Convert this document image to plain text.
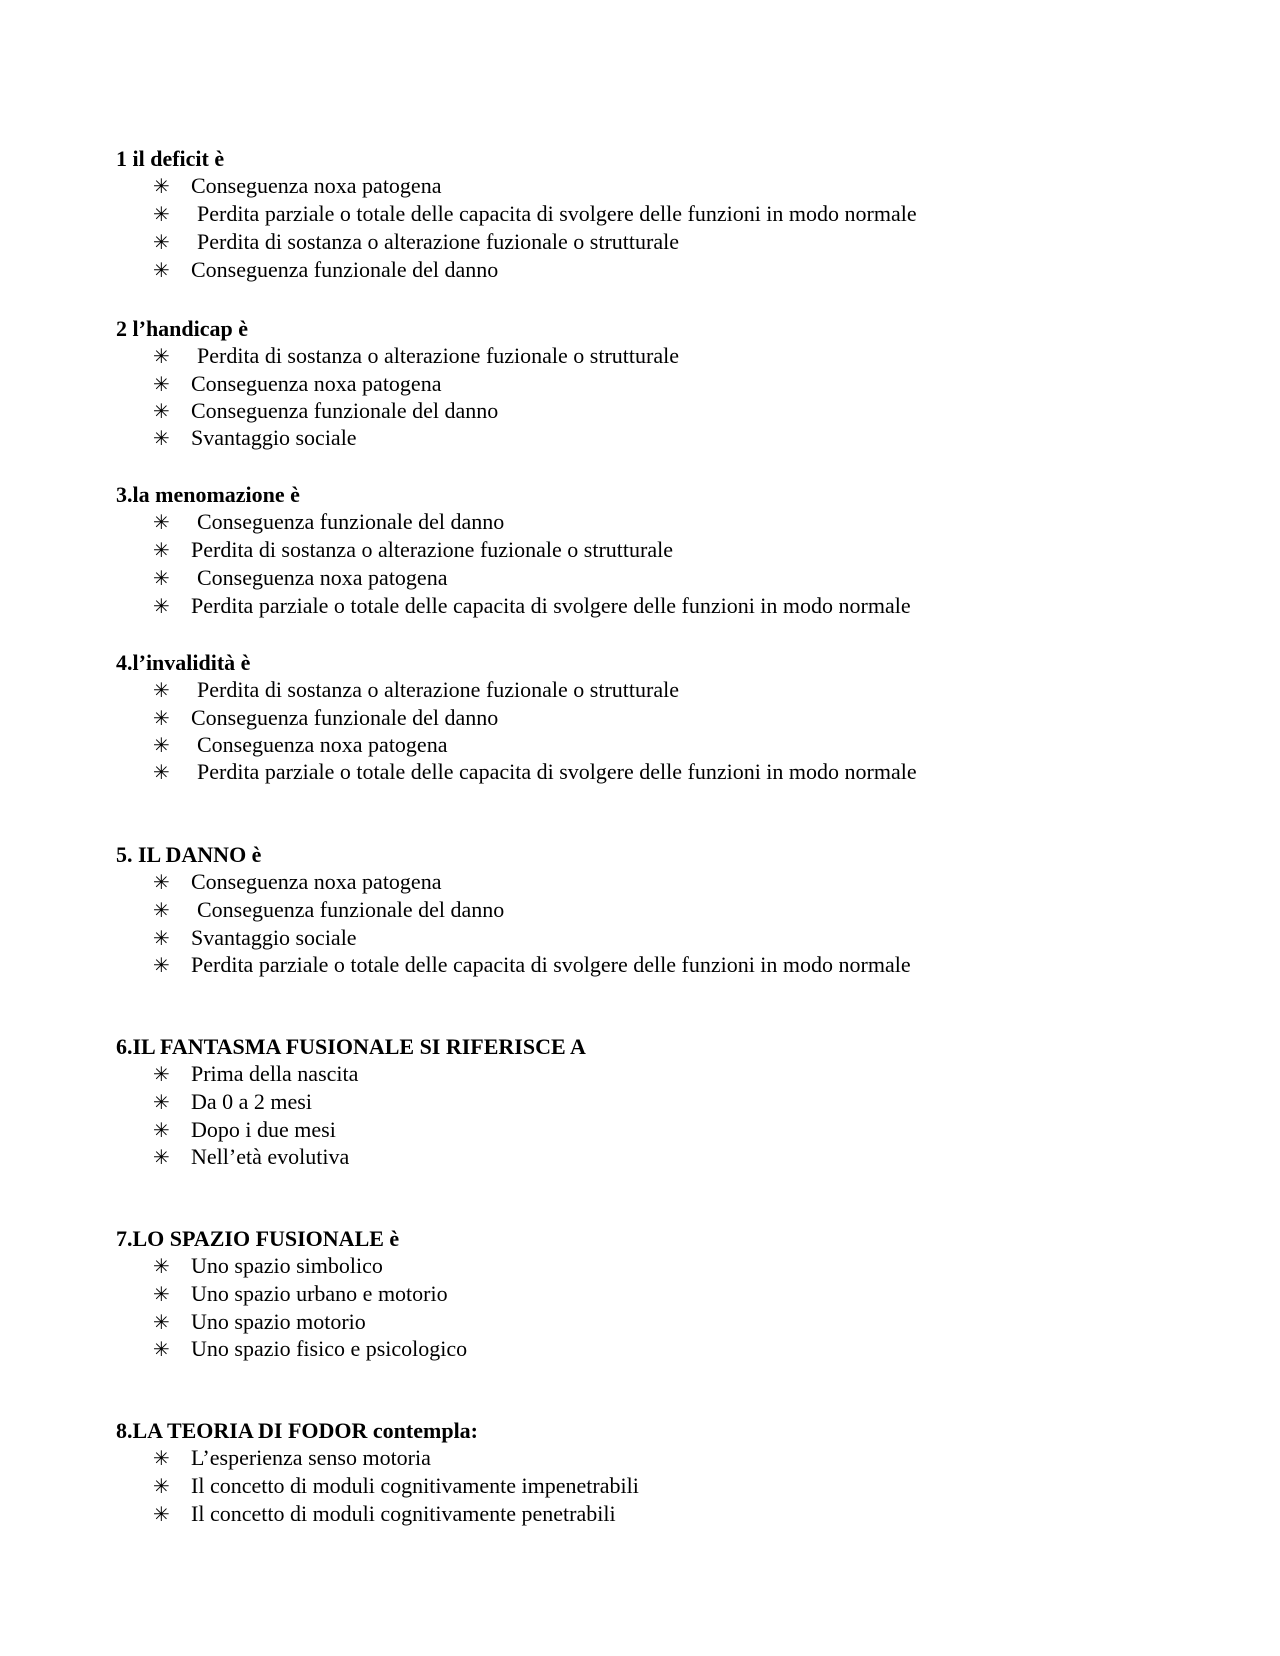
1 il deficit è
✳ Conseguenza noxa patogena
✳ Perdita parziale o totale delle capacita di svolgere delle funzioni in modo normale
✳ Perdita di sostanza o alterazione fuzionale o strutturale
✳ Conseguenza funzionale del danno
2 l’handicap è
✳ Perdita di sostanza o alterazione fuzionale o strutturale
✳ Conseguenza noxa patogena
✳ Conseguenza funzionale del danno
✳ Svantaggio sociale
3.la menomazione è
✳ Conseguenza funzionale del danno
✳ Perdita di sostanza o alterazione fuzionale o strutturale
✳ Conseguenza noxa patogena
✳ Perdita parziale o totale delle capacita di svolgere delle funzioni in modo normale
4.l’invalidità è
✳ Perdita di sostanza o alterazione fuzionale o strutturale
✳ Conseguenza funzionale del danno
✳ Conseguenza noxa patogena
✳ Perdita parziale o totale delle capacita di svolgere delle funzioni in modo normale
5. IL DANNO è
✳ Conseguenza noxa patogena
✳ Conseguenza funzionale del danno
✳ Svantaggio sociale
✳ Perdita parziale o totale delle capacita di svolgere delle funzioni in modo normale
6.IL FANTASMA FUSIONALE SI RIFERISCE A
✳ Prima della nascita
✳ Da 0 a 2 mesi
✳ Dopo i due mesi
✳ Nell’età evolutiva
7.LO SPAZIO FUSIONALE è
✳ Uno spazio simbolico
✳ Uno spazio urbano e motorio
✳ Uno spazio motorio
✳ Uno spazio fisico e psicologico
8.LA TEORIA DI FODOR contempla:
✳ L’esperienza senso motoria
✳ Il concetto di moduli cognitivamente impenetrabili
✳ Il concetto di moduli cognitivamente penetrabili
